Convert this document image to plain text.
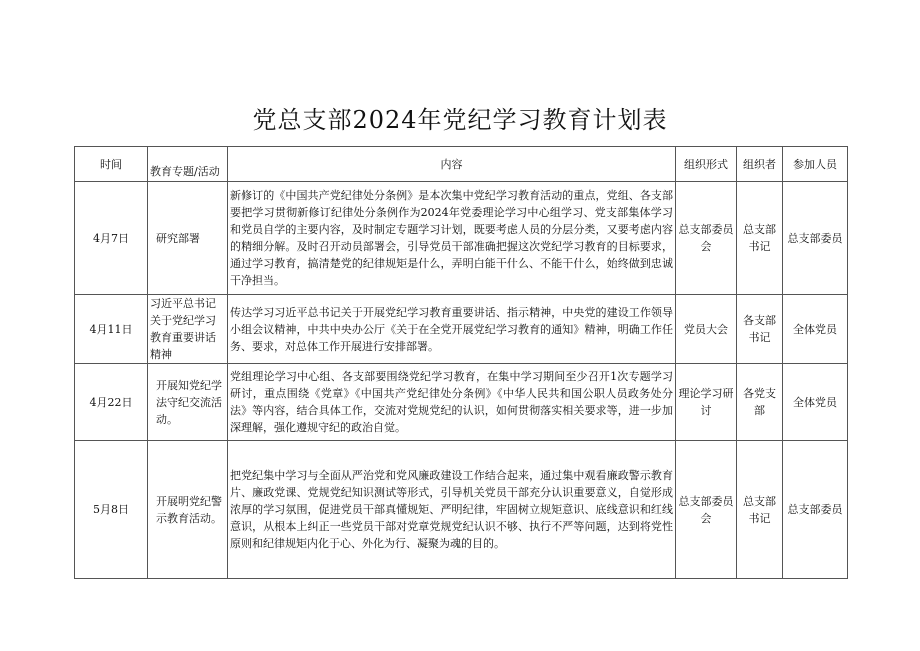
党总支部2024年党纪学习教育计划表
时间	教育专题/活动	内容	组织形式	组织者	参加人员
4月7日	研究部署	新修订的《中国共产党纪律处分条例》是本次集中党纪学习教育活动的重点，党组、各支部要把学习贯彻新修订纪律处分条例作为2024年党委理论学习中心组学习、党支部集体学习和党员自学的主要内容，及时制定专题学习计划，既要考虑人员的分层分类，又要考虑内容的精细分解。及时召开动员部署会，引导党员干部准确把握这次党纪学习教育的目标要求，通过学习教育，搞清楚党的纪律规矩是什么，弄明白能干什么、不能干什么，始终做到忠诚干净担当。	总支部委员会	总支部书记	总支部委员
4月11日	习近平总书记关于党纪学习教育重要讲话精神	传达学习习近平总书记关于开展党纪学习教育重要讲话、指示精神，中央党的建设工作领导小组会议精神，中共中央办公厅《关于在全党开展党纪学习教育的通知》精神，明确工作任务、要求，对总体工作开展进行安排部署。	党员大会	各支部书记	全体党员
4月22日	开展知党纪学法守纪交流活动。	党组理论学习中心组、各支部要围绕党纪学习教育，在集中学习期间至少召开1次专题学习研讨，重点围绕《党章》《中国共产党纪律处分条例》《中华人民共和国公职人员政务处分法》等内容，结合具体工作，交流对党规党纪的认识，如何贯彻落实相关要求等，进一步加深理解，强化遵规守纪的政治自觉。	理论学习研讨	各党支部	全体党员
5月8日	开展明党纪警示教育活动。	把党纪集中学习与全面从严治党和党风廉政建设工作结合起来，通过集中观看廉政警示教育片、廉政党课、党规党纪知识测试等形式，引导机关党员干部充分认识重要意义，自觉形成浓厚的学习氛围，促进党员干部真懂规矩、严明纪律，牢固树立规矩意识、底线意识和红线意识，从根本上纠正一些党员干部对党章党规党纪认识不够、执行不严等问题，达到将党性原则和纪律规矩内化于心、外化为行、凝聚为魂的目的。	总支部委员会	总支部书记	总支部委员
